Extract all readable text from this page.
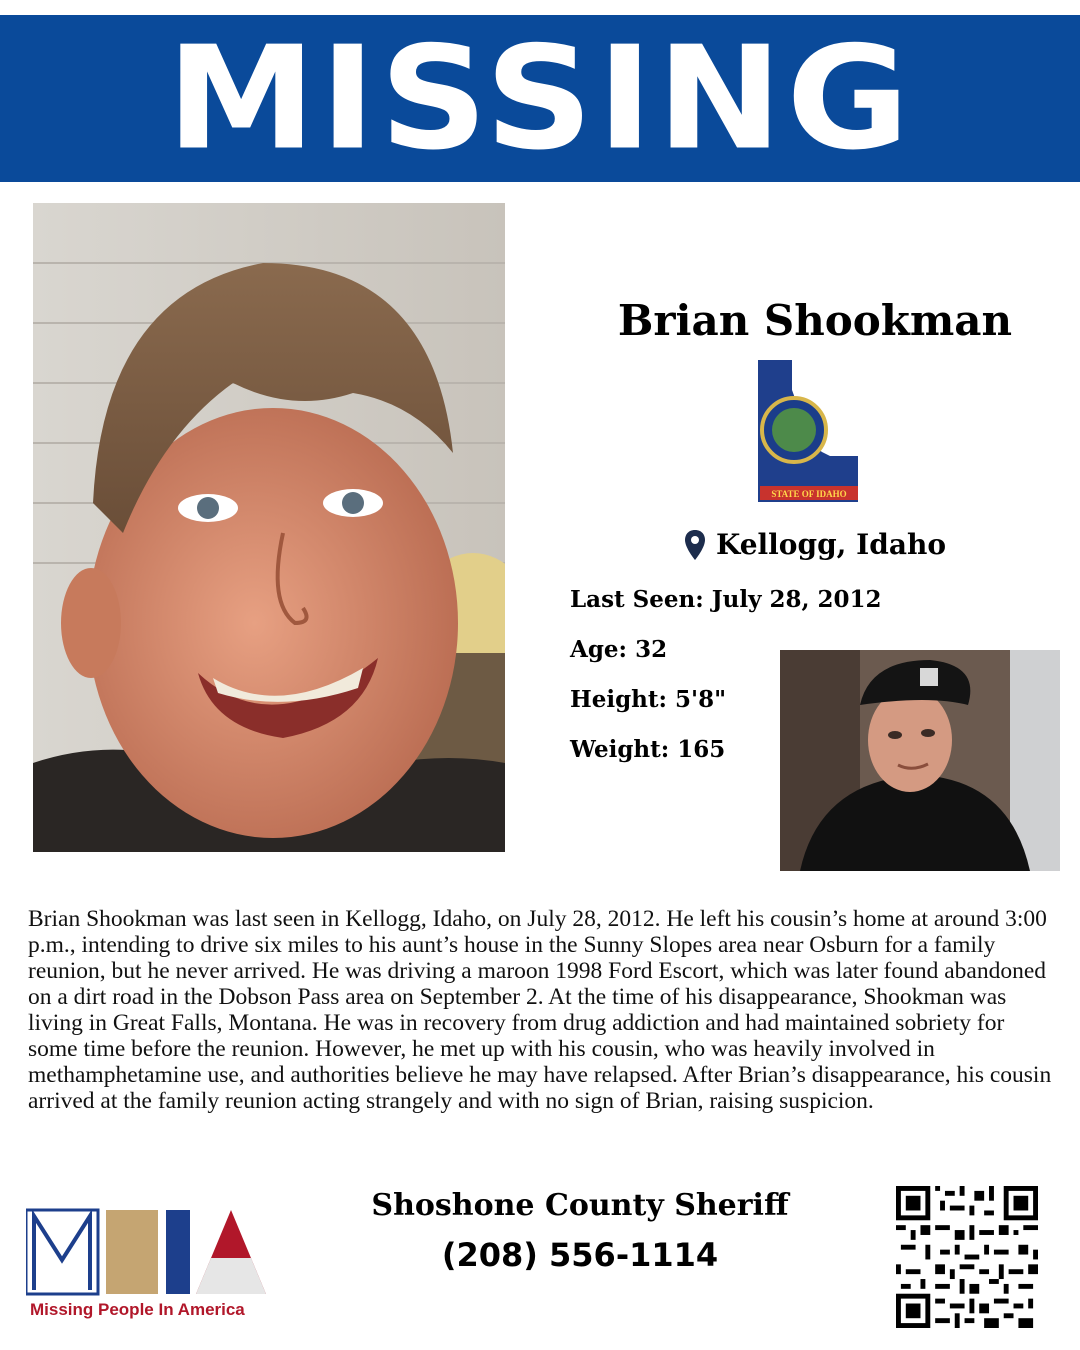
MISSING
Brian Shookman
STATE OF IDAHO
Kellogg, Idaho
Last Seen: July 28, 2012
Age: 32
Height: 5'8"
Weight: 165
Brian Shookman was last seen in Kellogg, Idaho, on July 28, 2012. He left his cousin’s home at around 3:00 p.m., intending to drive six miles to his aunt’s house in the Sunny Slopes area near Osburn for a family reunion, but he never arrived. He was driving a maroon 1998 Ford Escort, which was later found abandoned on a dirt road in the Dobson Pass area on September 2. At the time of his disappearance, Shookman was living in Great Falls, Montana. He was in recovery from drug addiction and had maintained sobriety for some time before the reunion. However, he met up with his cousin, who was heavily involved in methamphetamine use, and authorities believe he may have relapsed. After Brian’s disappearance, his cousin arrived at the family reunion acting strangely and with no sign of Brian, raising suspicion.
Missing People In America
Shoshone County Sheriff
(208) 556-1114
